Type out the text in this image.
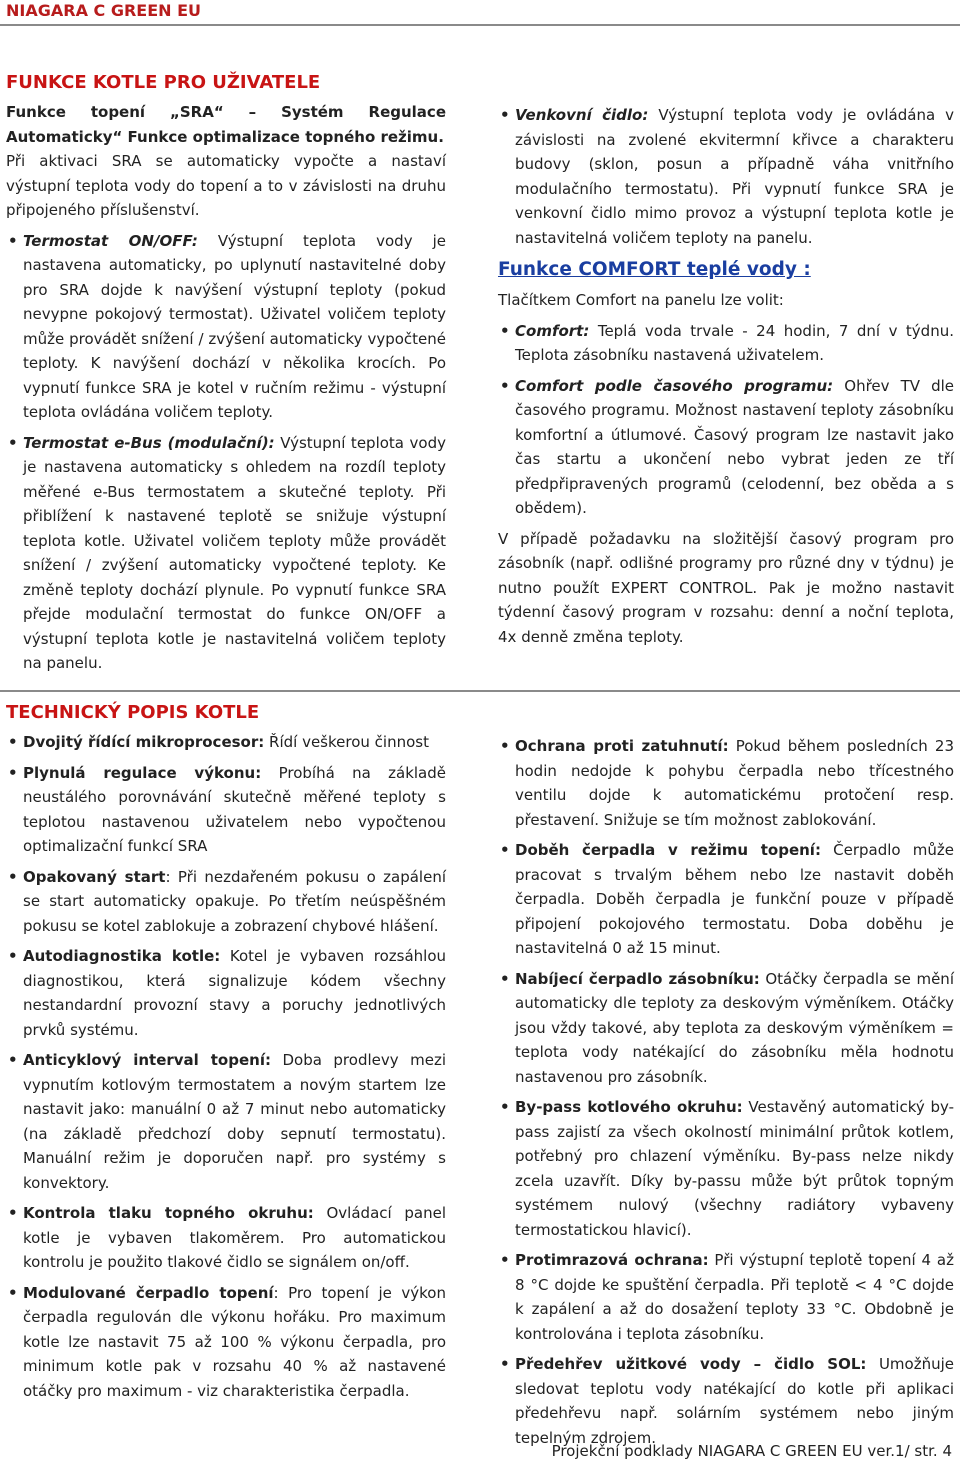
NIAGARA C GREEN EU
FUNKCE KOTLE PRO UŽIVATELE

Funkce topení „SRA“ – Systém Regulace Automaticky“ Funkce optimalizace topného režimu.

Při aktivaci SRA se automaticky vypočte a nastaví výstupní teplota vody do topení a to v závislosti na druhu připojeného příslušenství.

• Termostat ON/OFF: Výstupní teplota vody je nastavena automaticky, po uplynutí nastavitelné doby pro SRA dojde k navýšení výstupní teploty (pokud nevypne pokojový termostat). Uživatel voličem teploty může provádět snížení / zvýšení automaticky vypočtené teploty. K navýšení dochází v několika krocích. Po vypnutí funkce SRA je kotel v ručním režimu - výstupní teplota ovládána voličem teploty.
• Termostat e-Bus (modulační): Výstupní teplota vody je nastavena automaticky s ohledem na rozdíl teploty měřené e-Bus termostatem a skutečné teploty. Při přiblížení k nastavené teplotě se snižuje výstupní teplota kotle. Uživatel voličem teploty může provádět snížení / zvýšení automaticky vypočtené teploty. Ke změně teploty dochází plynule. Po vypnutí funkce SRA přejde modulační termostat do funkce ON/OFF a výstupní teplota kotle je nastavitelná voličem teploty na panelu.
• Venkovní čidlo: Výstupní teplota vody je ovládána v závislosti na zvolené ekvitermní křivce a charakteru budovy (sklon, posun a případně váha vnitřního modulačního termostatu). Při vypnutí funkce SRA je venkovní čidlo mimo provoz a výstupní teplota kotle je nastavitelná voličem teploty na panelu.
Funkce COMFORT teplé vody :

Tlačítkem Comfort na panelu lze volit:

• Comfort: Teplá voda trvale - 24 hodin, 7 dní v týdnu. Teplota zásobníku nastavená uživatelem.
• Comfort podle časového programu: Ohřev TV dle časového programu. Možnost nastavení teploty zásobníku komfortní a útlumové. Časový program lze nastavit jako čas startu a ukončení nebo vybrat jeden ze tří předpřipravených programů (celodenní, bez oběda a s obědem).

V případě požadavku na složitější časový program pro zásobník (např. odlišné programy pro různé dny v týdnu) je nutno použít EXPERT CONTROL. Pak je možno nastavit týdenní časový program v rozsahu: denní a noční teplota, 4x denně změna teploty.

TECHNICKÝ POPIS KOTLE
• Dvojitý řídící mikroprocesor: Řídí veškerou činnost
• Plynulá regulace výkonu: Probíhá na základě neustálého porovnávání skutečně měřené teploty s teplotou nastavenou uživatelem nebo vypočtenou optimalizační funkcí SRA
• Opakovaný start: Při nezdařeném pokusu o zapálení se start automaticky opakuje. Po třetím neúspěšném pokusu se kotel zablokuje a zobrazení chybové hlášení.
• Autodiagnostika kotle: Kotel je vybaven rozsáhlou diagnostikou, která signalizuje kódem všechny nestandardní provozní stavy a poruchy jednotlivých prvků systému.
• Anticyklový interval topení: Doba prodlevy mezi vypnutím kotlovým termostatem a novým startem lze nastavit jako: manuální 0 až 7 minut nebo automaticky (na základě předchozí doby sepnutí termostatu). Manuální režim je doporučen např. pro systémy s konvektory.
• Kontrola tlaku topného okruhu: Ovládací panel kotle je vybaven tlakoměrem. Pro automatickou kontrolu je použito tlakové čidlo se signálem on/off.
• Modulované čerpadlo topení: Pro topení je výkon čerpadla regulován dle výkonu hořáku. Pro maximum kotle lze nastavit 75 až 100 % výkonu čerpadla, pro minimum kotle pak v rozsahu 40 % až nastavené otáčky pro maximum - viz charakteristika čerpadla.
• Ochrana proti zatuhnutí: Pokud během posledních 23 hodin nedojde k pohybu čerpadla nebo třícestného ventilu dojde k automatickému protočení resp. přestavení. Snižuje se tím možnost zablokování.
• Doběh čerpadla v režimu topení: Čerpadlo může pracovat s trvalým během nebo lze nastavit doběh čerpadla. Doběh čerpadla je funkční pouze v případě připojení pokojového termostatu. Doba doběhu je nastavitelná 0 až 15 minut.
• Nabíjecí čerpadlo zásobníku: Otáčky čerpadla se mění automaticky dle teploty za deskovým výměníkem. Otáčky jsou vždy takové, aby teplota za deskovým výměníkem = teplota vody natékající do zásobníku měla hodnotu nastavenou pro zásobník.
• By-pass kotlového okruhu: Vestavěný automatický by-pass zajistí za všech okolností minimální průtok kotlem, potřebný pro chlazení výměníku. By-pass nelze nikdy zcela uzavřít. Díky by-passu může být průtok topným systémem nulový (všechny radiátory vybaveny termostatickou hlavicí).
• Protimrazová ochrana: Při výstupní teplotě topení 4 až 8 °C dojde ke spuštění čerpadla. Při teplotě < 4 °C dojde k zapálení a až do dosažení teploty 33 °C. Obdobně je kontrolována i teplota zásobníku.
• Předehřev užitkové vody – čidlo SOL: Umožňuje sledovat teplotu vody natékající do kotle při aplikaci předehřevu např. solárním systémem nebo jiným tepelným zdrojem.
Projekční podklady NIAGARA C GREEN EU ver.1/ str. 4
